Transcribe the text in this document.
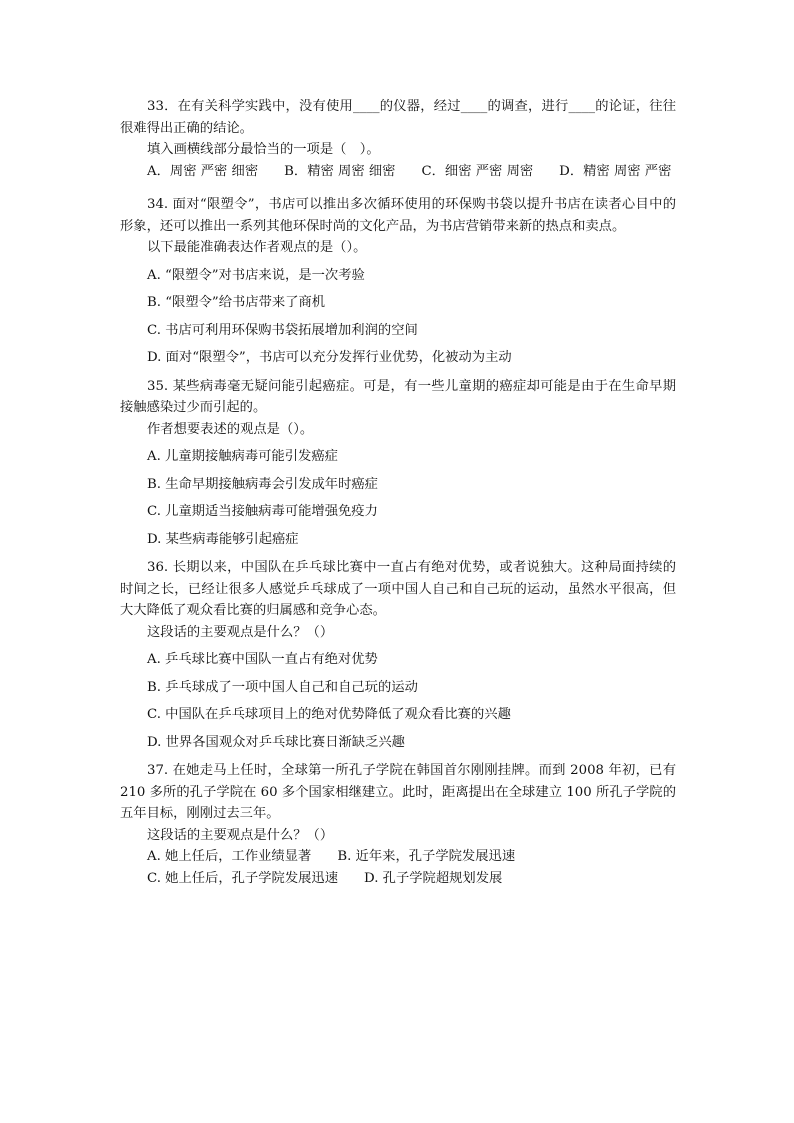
33．在有关科学实践中，没有使用____的仪器，经过____的调查，进行____的论证，往往很难得出正确的结论。

填入画横线部分最恰当的一项是（　）。

A．周密 严密 细密 B．精密 周密 细密 C．细密 严密 周密 D．精密 周密 严密

34. 面对“限塑令”，书店可以推出多次循环使用的环保购书袋以提升书店在读者心目中的形象，还可以推出一系列其他环保时尚的文化产品，为书店营销带来新的热点和卖点。

以下最能准确表达作者观点的是（）。

A. “限塑令”对书店来说，是一次考验

B. “限塑令”给书店带来了商机

C. 书店可利用环保购书袋拓展增加利润的空间

D. 面对“限塑令”，书店可以充分发挥行业优势，化被动为主动

35. 某些病毒毫无疑问能引起癌症。可是，有一些儿童期的癌症却可能是由于在生命早期接触感染过少而引起的。

作者想要表述的观点是（）。

A. 儿童期接触病毒可能引发癌症

B. 生命早期接触病毒会引发成年时癌症

C. 儿童期适当接触病毒可能增强免疫力

D. 某些病毒能够引起癌症

36. 长期以来，中国队在乒乓球比赛中一直占有绝对优势，或者说独大。这种局面持续的时间之长，已经让很多人感觉乒乓球成了一项中国人自己和自己玩的运动，虽然水平很高，但大大降低了观众看比赛的归属感和竞争心态。

这段话的主要观点是什么？（）

A. 乒乓球比赛中国队一直占有绝对优势

B. 乒乓球成了一项中国人自己和自己玩的运动

C. 中国队在乒乓球项目上的绝对优势降低了观众看比赛的兴趣

D. 世界各国观众对乒乓球比赛日渐缺乏兴趣

37. 在她走马上任时，全球第一所孔子学院在韩国首尔刚刚挂牌。而到 2008 年初，已有 210 多所的孔子学院在 60 多个国家相继建立。此时，距离提出在全球建立 100 所孔子学院的五年目标，刚刚过去三年。

这段话的主要观点是什么？（）

A. 她上任后，工作业绩显著 B. 近年来，孔子学院发展迅速
C. 她上任后，孔子学院发展迅速 D. 孔子学院超规划发展
